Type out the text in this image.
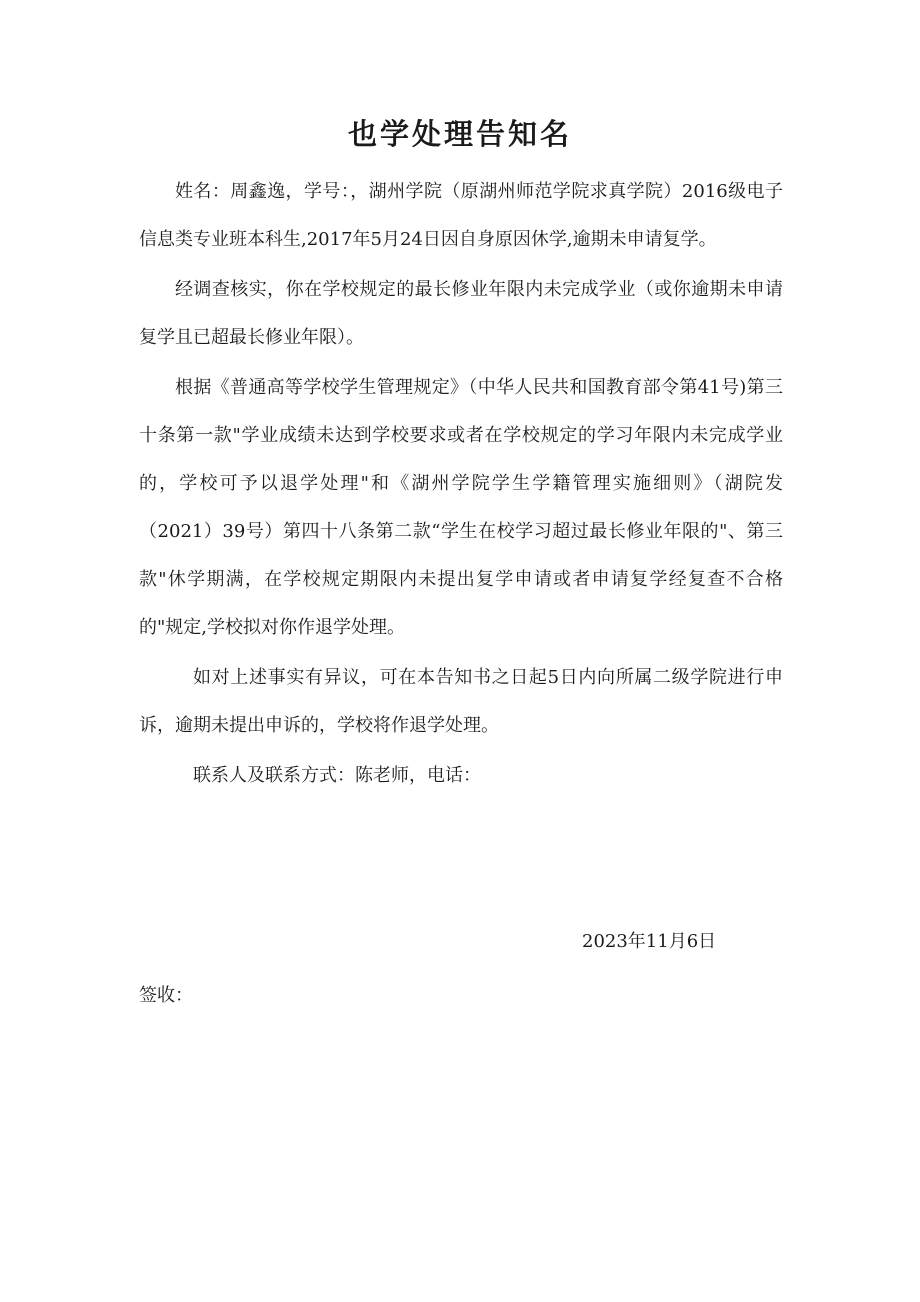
也学处理告知名

姓名：周鑫逸，学号：，湖州学院（原湖州师范学院求真学院）2016级电子信息类专业班本科生,2017年5月24日因自身原因休学,逾期未申请复学。

经调查核实，你在学校规定的最长修业年限内未完成学业（或你逾期未申请复学且已超最长修业年限）。

根据《普通高等学校学生管理规定》（中华人民共和国教育部令第41号)第三十条第一款"学业成绩未达到学校要求或者在学校规定的学习年限内未完成学业的，学校可予以退学处理"和《湖州学院学生学籍管理实施细则》（湖院发（2021）39号）第四十八条第二款“学生在校学习超过最长修业年限的"、第三款"休学期满，在学校规定期限内未提出复学申请或者申请复学经复查不合格的"规定,学校拟对你作退学处理。

如对上述事实有异议，可在本告知书之日起5日内向所属二级学院进行申诉，逾期未提出申诉的，学校将作退学处理。

联系人及联系方式：陈老师，电话：

2023年11月6日
签收：
